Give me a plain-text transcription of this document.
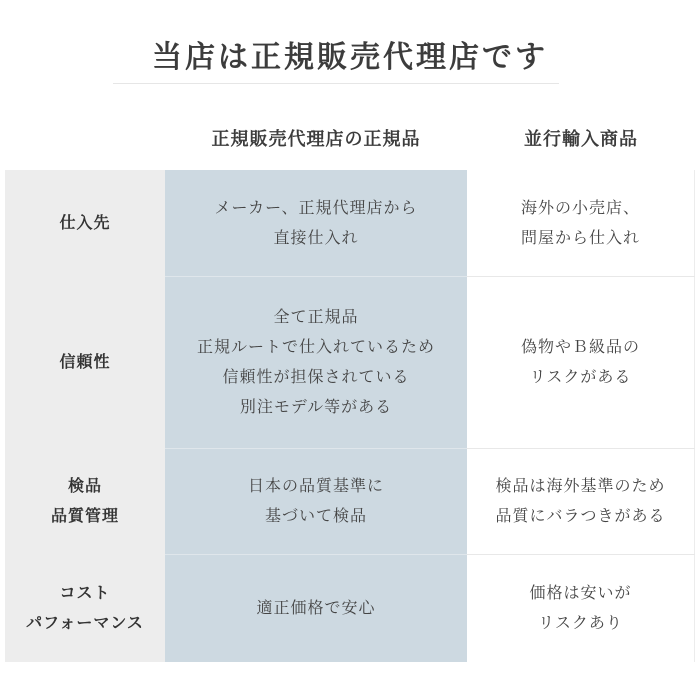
当店は正規販売代理店です
正規販売代理店の正規品	並行輸入商品
仕入先
メーカー、正規代理店から
直接仕入れ
海外の小売店、
問屋から仕入れ
信頼性
全て正規品
正規ルートで仕入れているため
信頼性が担保されている
別注モデル等がある
偽物やＢ級品の
リスクがある
検品
品質管理
日本の品質基準に
基づいて検品
検品は海外基準のため
品質にバラつきがある
コスト
パフォーマンス
適正価格で安心
価格は安いが
リスクあり
